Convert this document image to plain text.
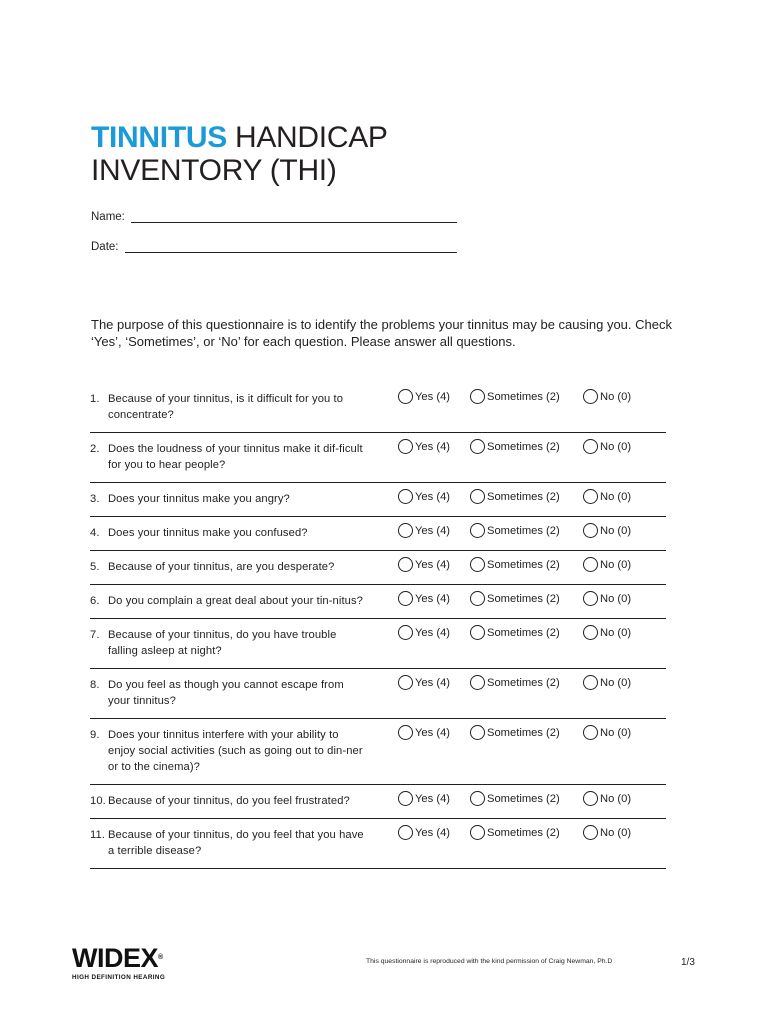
TINNITUS HANDICAP
INVENTORY (THI)
Name:
Date:

The purpose of this questionnaire is to identify the problems your tinnitus may be causing you. Check ‘Yes’, ‘Sometimes’, or ‘No’ for each question. Please answer all questions.

1. Because of your tinnitus, is it difficult for you to concentrate?
Yes (4)	Sometimes (2)	No (0)
2. Does the loudness of your tinnitus make it dif-ficult for you to hear people?
Yes (4)	Sometimes (2)	No (0)
3. Does your tinnitus make you angry?	Yes (4)	Sometimes (2)	No (0)
4. Does your tinnitus make you confused?	Yes (4)	Sometimes (2)	No (0)
5. Because of your tinnitus, are you desperate?	Yes (4)	Sometimes (2)	No (0)
6. Do you complain a great deal about your tin-nitus?	Yes (4)	Sometimes (2)	No (0)
7. Because of your tinnitus, do you have trouble falling asleep at night?
Yes (4)	Sometimes (2)	No (0)
8. Do you feel as though you cannot escape from your tinnitus?
Yes (4)	Sometimes (2)	No (0)
9. Does your tinnitus interfere with your ability to enjoy social activities (such as going out to din-ner or to the cinema)?
Yes (4)	Sometimes (2)	No (0)
10. Because of your tinnitus, do you feel frustrated?	Yes (4)	Sometimes (2)	No (0)
11. Because of your tinnitus, do you feel that you have a terrible disease?
Yes (4)	Sometimes (2)	No (0)
WIDEX®
HIGH DEFINITION HEARING
This questionnaire is reproduced with the kind permission of Craig Newman, Ph.D	1/3
